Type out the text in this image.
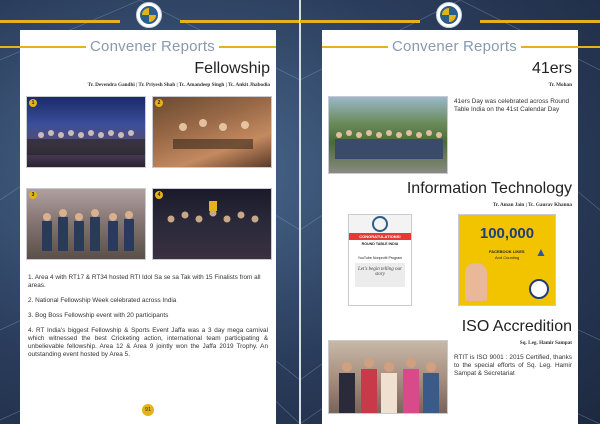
Convener Reports
Fellowship
Tr. Devendra Gandhi | Tr. Priyesh Shah | Tc. Amandeep Singh | Tc. Ankit Jhabodia
1	2
3	4
1. Area 4 with RT17 & RT34 hosted RTI Idol Sa se sa Tak with 15 Finalists from all areas.
2. National Fellowship Week celebrated across India
3. Bog Boss Fellowship event with 20 participants
4. RT India's biggest Fellowship & Sports Event Jaffa was a 3 day mega carnival which witnessed the best Cricketing action, international team participating & unbelievable fellowship. Area 12 & Area 9 jointly won the Jaffa 2019 Trophy. An outstanding event hosted by Area 5.
91
Convener Reports
41ers
Tr. Mohan
41ers Day was celebrated across Round Table India on the 41st Calendar Day
Information Technology
Tr. Aman Jain | Tc. Gaurav Khanna
CONGRATULATIONS!
ROUND TABLE INDIA
YouTube Nonprofit Program
Let's begin telling our story
100,000
FACEBOOK LIKES
And Counting ▲
ISO Accredition
Sq. Leg. Hamir Sampat
RTIT is ISO 9001 : 2015 Certified, thanks to the special efforts of Sq. Leg. Hamir Sampat & Secretariat
